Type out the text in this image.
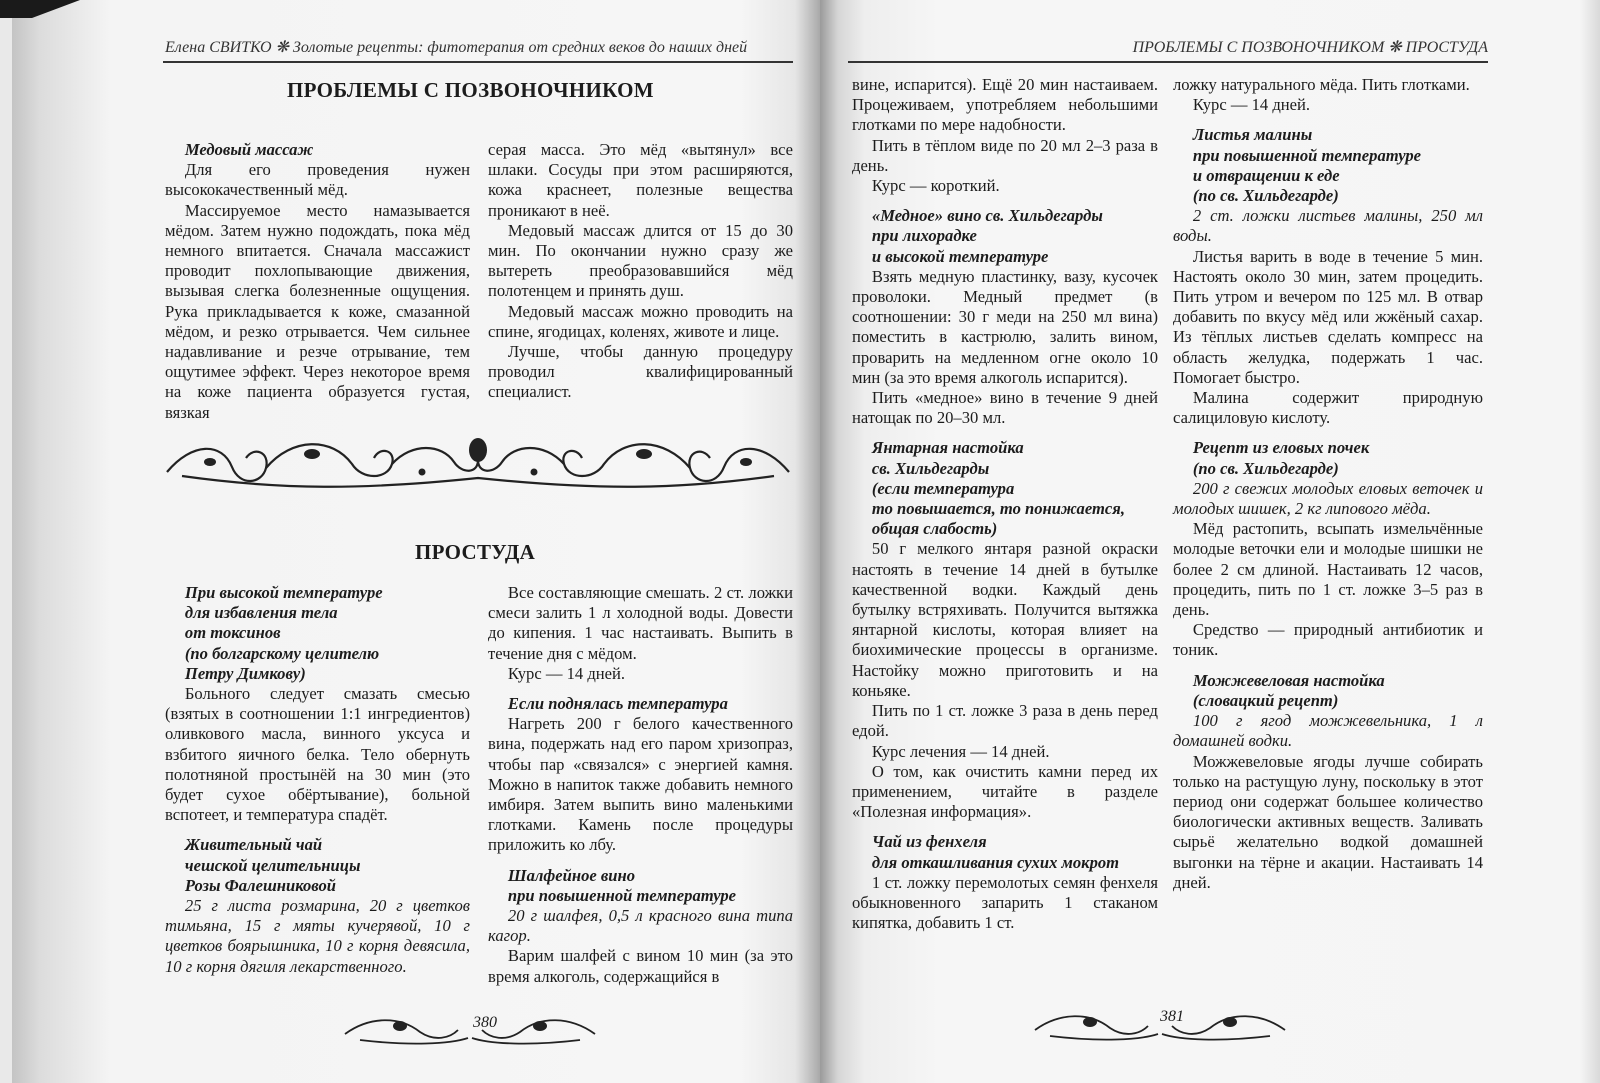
Елена СВИТКО ❋ Золотые рецепты: фитотерапия от средних веков до наших дней
ПРОБЛЕМЫ С ПОЗВОНОЧНИКОМ
Медовый массаж

Для его проведения нужен высококачественный мёд.

Массируемое место намазывается мёдом. Затем нужно подождать, пока мёд немного впитается. Сначала массажист проводит похлопывающие движения, вызывая слегка болезненные ощущения. Рука прикладывается к коже, смазанной мёдом, и резко отрывается. Чем сильнее надавливание и резче отрывание, тем ощутимее эффект. Через некоторое время на коже пациента образуется густая, вязкая

серая масса. Это мёд «вытянул» все шлаки. Сосуды при этом расширяются, кожа краснеет, полезные вещества проникают в неё.

Медовый массаж длится от 15 до 30 мин. По окончании нужно сразу же вытереть преобразовавшийся мёд полотенцем и принять душ.

Медовый массаж можно проводить на спине, ягодицах, коленях, животе и лице.

Лучше, чтобы данную процедуру проводил квалифицированный специалист.

ПРОСТУДА
При высокой температуре
для избавления тела
от токсинов
(по болгарскому целителю
Петру Димкову)

Больного следует смазать смесью (взятых в соотношении 1:1 ингредиентов) оливкового масла, винного уксуса и взбитого яичного белка. Тело обернуть полотняной простынёй на 30 мин (это будет сухое обёртывание), больной вспотеет, и температура спадёт.

Живительный чай
чешской целительницы
Розы Фалешниковой

25 г листа розмарина, 20 г цветков тимьяна, 15 г мяты кучерявой, 10 г цветков боярышника, 10 г корня девясила, 10 г корня дягиля лекарственного.

Все составляющие смешать. 2 ст. ложки смеси залить 1 л холодной воды. Довести до кипения. 1 час настаивать. Выпить в течение дня с мёдом.

Курс — 14 дней.

Если поднялась температура

Нагреть 200 г белого качественного вина, подержать над его паром хризопраз, чтобы пар «связался» с энергией камня. Можно в напиток также добавить немного имбиря. Затем выпить вино маленькими глотками. Камень после процедуры приложить ко лбу.

Шалфейное вино
при повышенной температуре

20 г шалфея, 0,5 л красного вина типа кагор.

Варим шалфей с вином 10 мин (за это время алкоголь, содержащийся в

380
ПРОБЛЕМЫ С ПОЗВОНОЧНИКОМ ❋ ПРОСТУДА

вине, испарится). Ещё 20 мин настаиваем. Процеживаем, употребляем небольшими глотками по мере надобности.

Пить в тёплом виде по 20 мл 2–3 раза в день.

Курс — короткий.

«Медное» вино св. Хильдегарды
при лихорадке
и высокой температуре

Взять медную пластинку, вазу, кусочек проволоки. Медный предмет (в соотношении: 30 г меди на 250 мл вина) поместить в кастрюлю, залить вином, проварить на медленном огне около 10 мин (за это время алкоголь испарится).

Пить «медное» вино в течение 9 дней натощак по 20–30 мл.

Янтарная настойка
св. Хильдегарды
(если температура
то повышается, то понижается,
общая слабость)

50 г мелкого янтаря разной окраски настоять в течение 14 дней в бутылке качественной водки. Каждый день бутылку встряхивать. Получится вытяжка янтарной кислоты, которая влияет на биохимические процессы в организме. Настойку можно приготовить и на коньяке.

Пить по 1 ст. ложке 3 раза в день перед едой.

Курс лечения — 14 дней.

О том, как очистить камни перед их применением, читайте в разделе «Полезная информация».

Чай из фенхеля
для откашливания сухих мокрот

1 ст. ложку перемолотых семян фенхеля обыкновенного запарить 1 стаканом кипятка, добавить 1 ст.

ложку натурального мёда. Пить глотками.

Курс — 14 дней.

Листья малины
при повышенной температуре
и отвращении к еде
(по св. Хильдегарде)

2 ст. ложки листьев малины, 250 мл воды.

Листья варить в воде в течение 5 мин. Настоять около 30 мин, затем процедить. Пить утром и вечером по 125 мл. В отвар добавить по вкусу мёд или жжёный сахар. Из тёплых листьев сделать компресс на область желудка, подержать 1 час. Помогает быстро.

Малина содержит природную салициловую кислоту.

Рецепт из еловых почек
(по св. Хильдегарде)

200 г свежих молодых еловых веточек и молодых шишек, 2 кг липового мёда.

Мёд растопить, всыпать измельчённые молодые веточки ели и молодые шишки не более 2 см длиной. Настаивать 12 часов, процедить, пить по 1 ст. ложке 3–5 раз в день.

Средство — природный антибиотик и тоник.

Можжевеловая настойка
(словацкий рецепт)

100 г ягод можжевельника, 1 л домашней водки.

Можжевеловые ягоды лучше собирать только на растущую луну, поскольку в этот период они содержат большее количество биологически активных веществ. Заливать сырьё желательно водкой домашней выгонки на тёрне и акации. Настаивать 14 дней.

381
